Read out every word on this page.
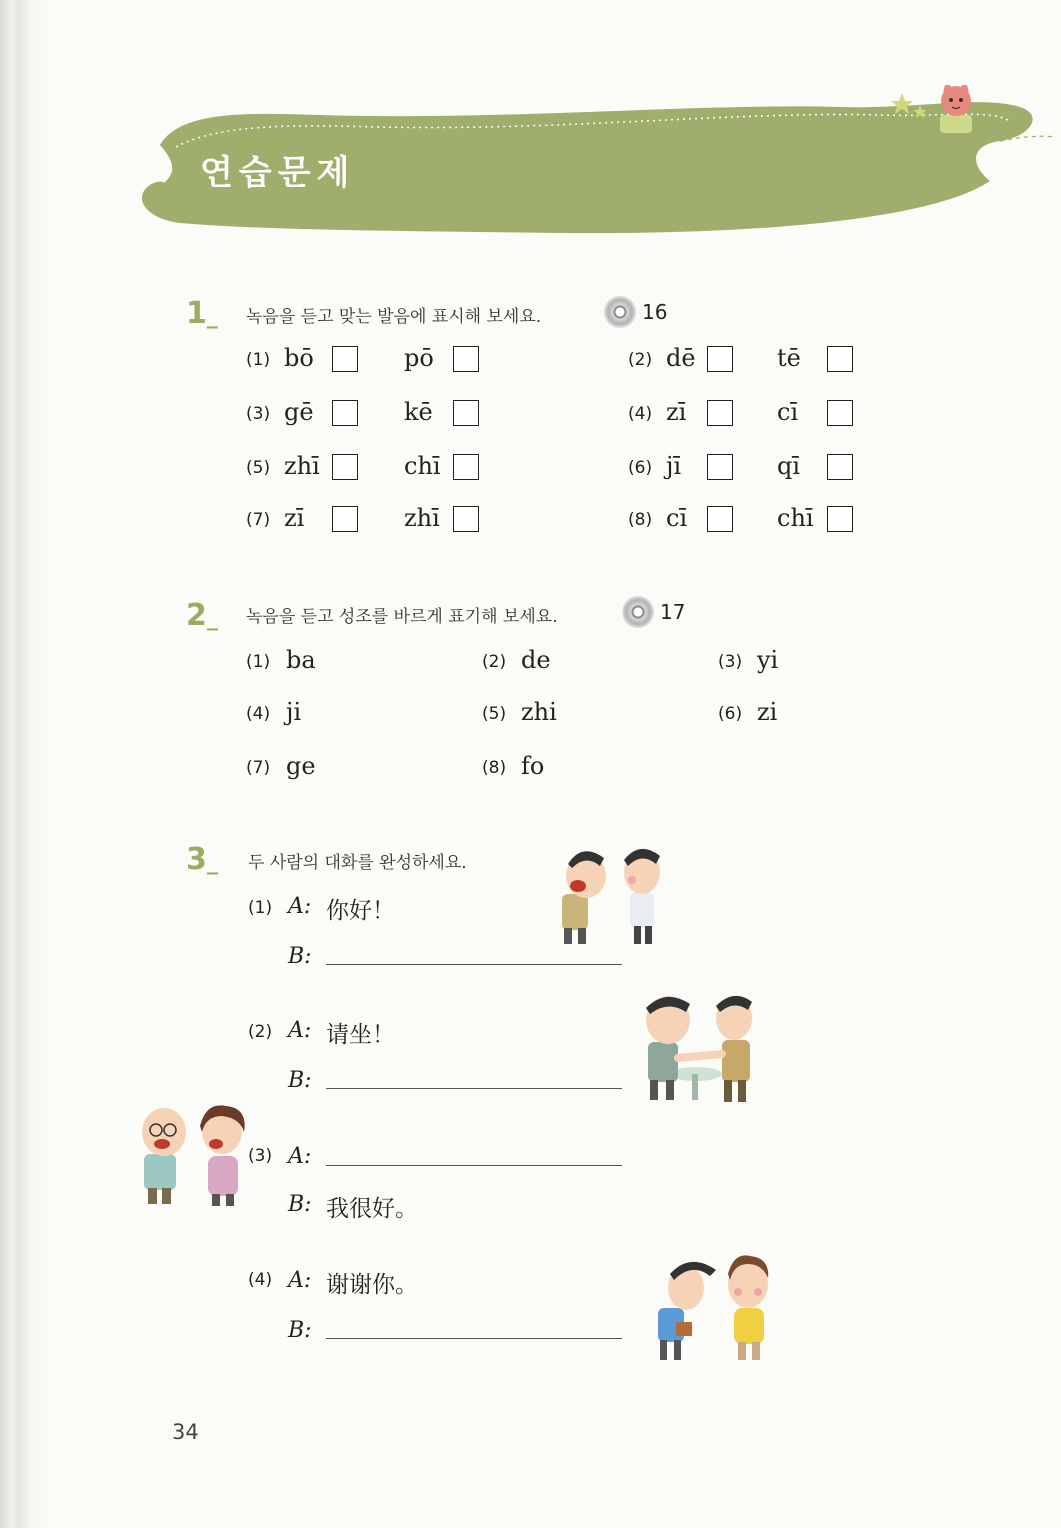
연습문제
1_ 녹음을 듣고 맞는 발음에 표시해 보세요.	16
(1) bō	pō	(2) dē	tē
(3) gē	kē	(4) zī	cī
(5) zhī	chī	(6) jī	qī
(7) zī	zhī	(8) cī	chī
2_ 녹음을 듣고 성조를 바르게 표기해 보세요.	17
(1) ba	(2) de	(3) yi
(4) ji	(5) zhi	(6) zi
(7) ge	(8) fo
3_ 두 사람의 대화를 완성하세요.
(1) A: 你好！
B:
(2) A: 请坐！
B:
(3) A:
B: 我很好。
(4) A: 谢谢你。
B:
34
